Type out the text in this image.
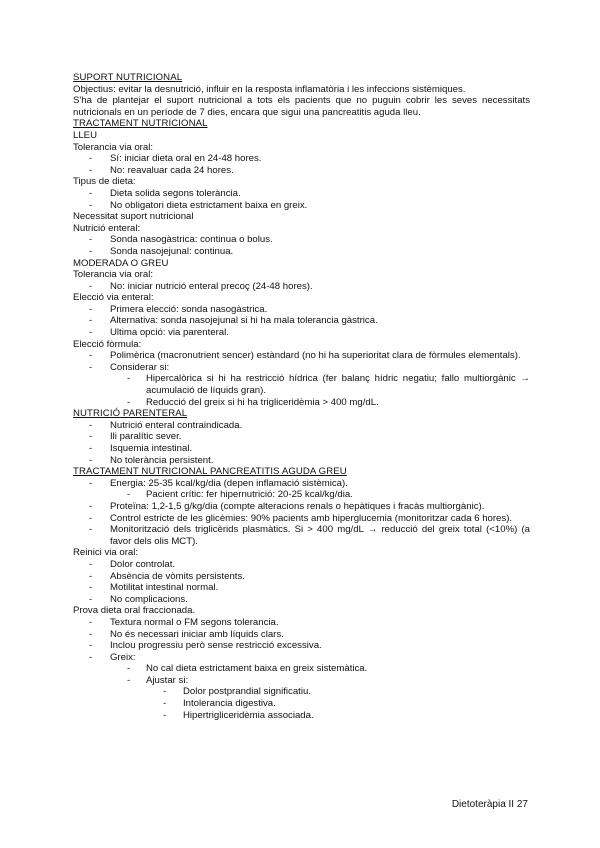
SUPORT NUTRICIONAL
Objectius: evitar la desnutrició, influir en la resposta inflamatòria i les infeccions sistèmiques.
S'ha de plantejar el suport nutricional a tots els pacients que no puguin cobrir les seves necessitats nutricionals en un període de 7 dies, encara que sigui una pancreatitis aguda lleu.
TRACTAMENT NUTRICIONAL
LLEU
Tolerancia via oral:
- Sí: iniciar dieta oral en 24-48 hores.
- No: reavaluar cada 24 hores.
Tipus de dieta:
- Dieta solida segons tolerància.
- No obligatori dieta estrictament baixa en greix.
Necessitat suport nutricional
Nutrició enteral:
- Sonda nasogàstrica: continua o bolus.
- Sonda nasojejunal: continua.
MODERADA O GREU
Tolerancia via oral:
- No: iniciar nutrició enteral precoç (24-48 hores).
Elecció via enteral:
- Primera elecció: sonda nasogàstrica.
- Alternativa: sonda nasojejunal si hi ha mala tolerancia gàstrica.
- Ultima opció: via parenteral.
Elecció fòrmula:
- Polimèrica (macronutrient sencer) estàndard (no hi ha superioritat clara de fòrmules elementals).
- Considerar si:
- Hipercalòrica si hi ha restricció hídrica (fer balanç hídric negatiu; fallo multiorgànic → acumulació de líquids gran).
- Reducció del greix si hi ha trigliceridèmia > 400 mg/dL.
NUTRICIÓ PARENTERAL
- Nutrició enteral contraindicada.
- Ili paralític sever.
- Isquemia intestinal.
- No tolerància persistent.
TRACTAMENT NUTRICIONAL PANCREATITIS AGUDA GREU
- Energia: 25-35 kcal/kg/dia (depen inflamació sistèmica).
- Pacient crític: fer hipernutrició: 20-25 kcal/kg/dia.
- Proteïna: 1,2-1,5 g/kg/dia (compte alteracions renals o hepàtiques i fracàs multiorgànic).
- Control estricte de les glicèmies: 90% pacients amb hiperglucemia (monitoritzar cada 6 hores).
- Monitorització dels triglicèrids plasmàtics. Si > 400 mg/dL → reducció del greix total (<10%) (a favor dels olis MCT).
Reinici via oral:
- Dolor controlat.
- Absència de vòmits persistents.
- Motilitat intestinal normal.
- No complicacions.
Prova dieta oral fraccionada.
- Textura normal o FM segons tolerancia.
- No és necessari iniciar amb líquids clars.
- Inclou progressiu però sense restricció excessiva.
- Greix:
- No cal dieta estrictament baixa en greix sistemàtica.
- Ajustar si:
- Dolor postprandial significatiu.
- Intolerancia digestiva.
- Hipertrigliceridèmia associada.
Dietoteràpia II 27
